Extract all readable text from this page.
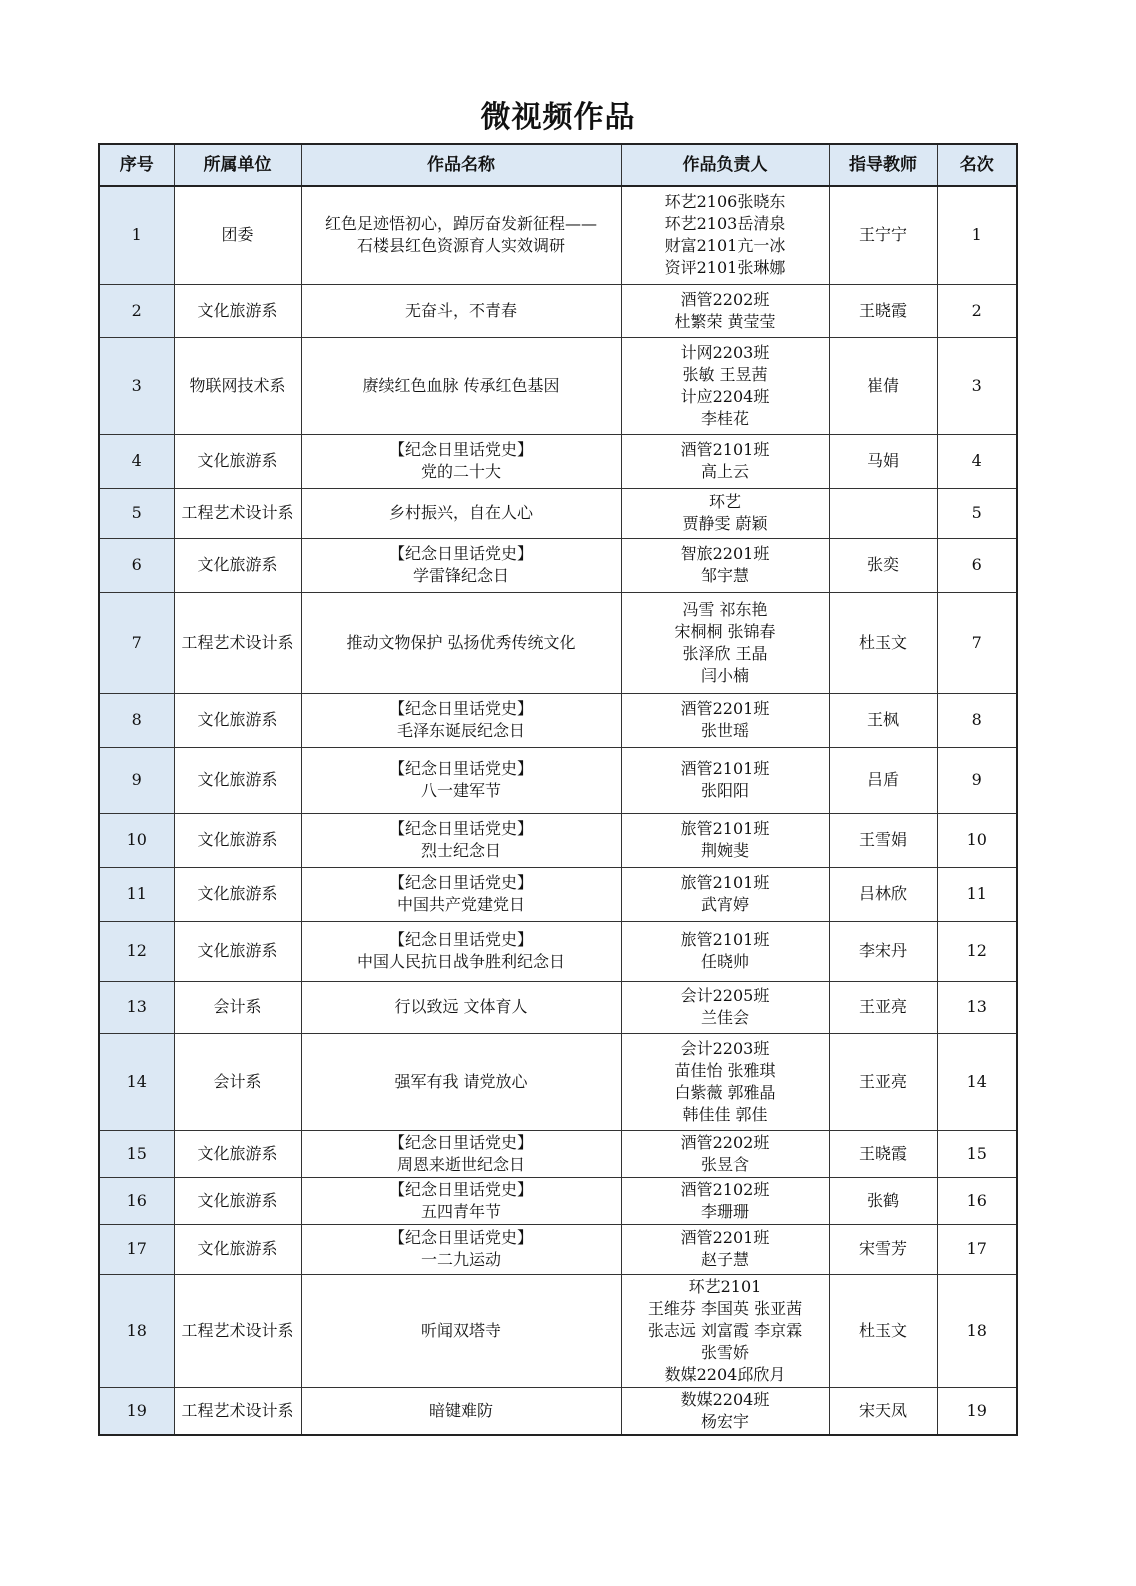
微视频作品
序号	所属单位	作品名称	作品负责人	指导教师	名次
1	团委	红色足迹悟初心，踔厉奋发新征程——
石楼县红色资源育人实效调研	环艺2106张晓东
环艺2103岳清泉
财富2101亢一冰
资评2101张琳娜	王宁宁	1
2	文化旅游系	无奋斗，不青春	酒管2202班
杜繁荣 黄莹莹	王晓霞	2
3	物联网技术系	赓续红色血脉 传承红色基因	计网2203班
张敏 王昱茜
计应2204班
李桂花	崔倩	3
4	文化旅游系	【纪念日里话党史】
党的二十大	酒管2101班
高上云	马娟	4
5	工程艺术设计系	乡村振兴，自在人心	环艺
贾静雯 蔚颖		5
6	文化旅游系	【纪念日里话党史】
学雷锋纪念日	智旅2201班
邹宇慧	张奕	6
7	工程艺术设计系	推动文物保护 弘扬优秀传统文化	冯雪 祁东艳
宋桐桐 张锦春
张泽欣 王晶
闫小楠	杜玉文	7
8	文化旅游系	【纪念日里话党史】
毛泽东诞辰纪念日	酒管2201班
张世瑶	王枫	8
9	文化旅游系	【纪念日里话党史】
八一建军节	酒管2101班
张阳阳	吕盾	9
10	文化旅游系	【纪念日里话党史】
烈士纪念日	旅管2101班
荆婉斐	王雪娟	10
11	文化旅游系	【纪念日里话党史】
中国共产党建党日	旅管2101班
武宵婷	吕林欣	11
12	文化旅游系	【纪念日里话党史】
中国人民抗日战争胜利纪念日	旅管2101班
任晓帅	李宋丹	12
13	会计系	行以致远 文体育人	会计2205班
兰佳会	王亚亮	13
14	会计系	强军有我 请党放心	会计2203班
苗佳怡 张雅琪
白紫薇 郭雅晶
韩佳佳 郭佳	王亚亮	14
15	文化旅游系	【纪念日里话党史】
周恩来逝世纪念日	酒管2202班
张昱含	王晓霞	15
16	文化旅游系	【纪念日里话党史】
五四青年节	酒管2102班
李珊珊	张鹤	16
17	文化旅游系	【纪念日里话党史】
一二九运动	酒管2201班
赵子慧	宋雪芳	17
18	工程艺术设计系	听闻双塔寺	环艺2101
王维芬 李国英 张亚茜
张志远 刘富霞 李京霖
张雪娇
数媒2204邱欣月	杜玉文	18
19	工程艺术设计系	暗键难防	数媒2204班
杨宏宇	宋天凤	19
